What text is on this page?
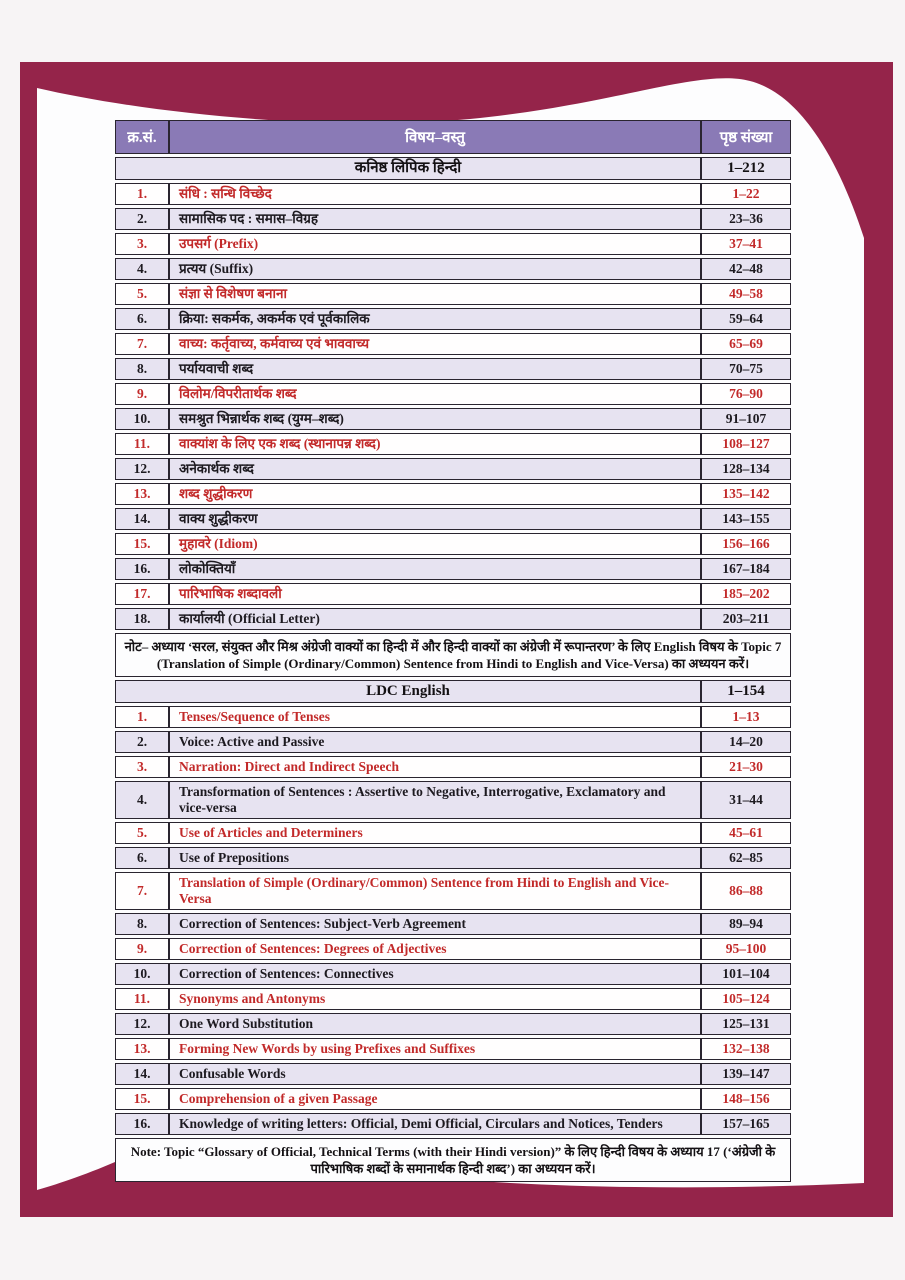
क्र.सं.	विषय–वस्तु	पृष्ठ संख्या
कनिष्ठ लिपिक हिन्दी		1–212
1.	संधि : सन्धि विच्छेद	1–22
2.	सामासिक पद : समास–विग्रह	23–36
3.	उपसर्ग (Prefix)	37–41
4.	प्रत्यय (Suffix)	42–48
5.	संज्ञा से विशेषण बनाना	49–58
6.	क्रिया: सकर्मक, अकर्मक एवं पूर्वकालिक	59–64
7.	वाच्य: कर्तृवाच्य, कर्मवाच्य एवं भाववाच्य	65–69
8.	पर्यायवाची शब्द	70–75
9.	विलोम/विपरीतार्थक शब्द	76–90
10.	समश्रुत भिन्नार्थक शब्द (युग्म–शब्द)	91–107
11.	वाक्यांश के लिए एक शब्द (स्थानापन्न शब्द)	108–127
12.	अनेकार्थक शब्द	128–134
13.	शब्द शुद्धीकरण	135–142
14.	वाक्य शुद्धीकरण	143–155
15.	मुहावरे (Idiom)	156–166
16.	लोकोक्तियाँ	167–184
17.	पारिभाषिक शब्दावली	185–202
18.	कार्यालयी (Official Letter)	203–211
नोट– अध्याय ‘सरल, संयुक्त और मिश्र अंग्रेजी वाक्यों का हिन्दी में और हिन्दी वाक्यों का अंग्रेजी में रूपान्तरण’ के लिए English विषय के Topic 7 (Translation of Simple (Ordinary/Common) Sentence from Hindi to English and Vice-Versa) का अध्ययन करें।		
LDC English		1–154
1.	Tenses/Sequence of Tenses	1–13
2.	Voice: Active and Passive	14–20
3.	Narration: Direct and Indirect Speech	21–30
4.	Transformation of Sentences : Assertive to Negative, Interrogative, Exclamatory and vice-versa	31–44
5.	Use of Articles and Determiners	45–61
6.	Use of Prepositions	62–85
7.	Translation of Simple (Ordinary/Common) Sentence from Hindi to English and Vice-Versa	86–88
8.	Correction of Sentences: Subject-Verb Agreement	89–94
9.	Correction of Sentences: Degrees of Adjectives	95–100
10.	Correction of Sentences: Connectives	101–104
11.	Synonyms and Antonyms	105–124
12.	One Word Substitution	125–131
13.	Forming New Words by using Prefixes and Suffixes	132–138
14.	Confusable Words	139–147
15.	Comprehension of a given Passage	148–156
16.	Knowledge of writing letters: Official, Demi Official, Circulars and Notices, Tenders	157–165
Note: Topic “Glossary of Official, Technical Terms (with their Hindi version)” के लिए हिन्दी विषय के अध्याय 17 (‘अंग्रेजी के पारिभाषिक शब्दों के समानार्थक हिन्दी शब्द’) का अध्ययन करें।		
